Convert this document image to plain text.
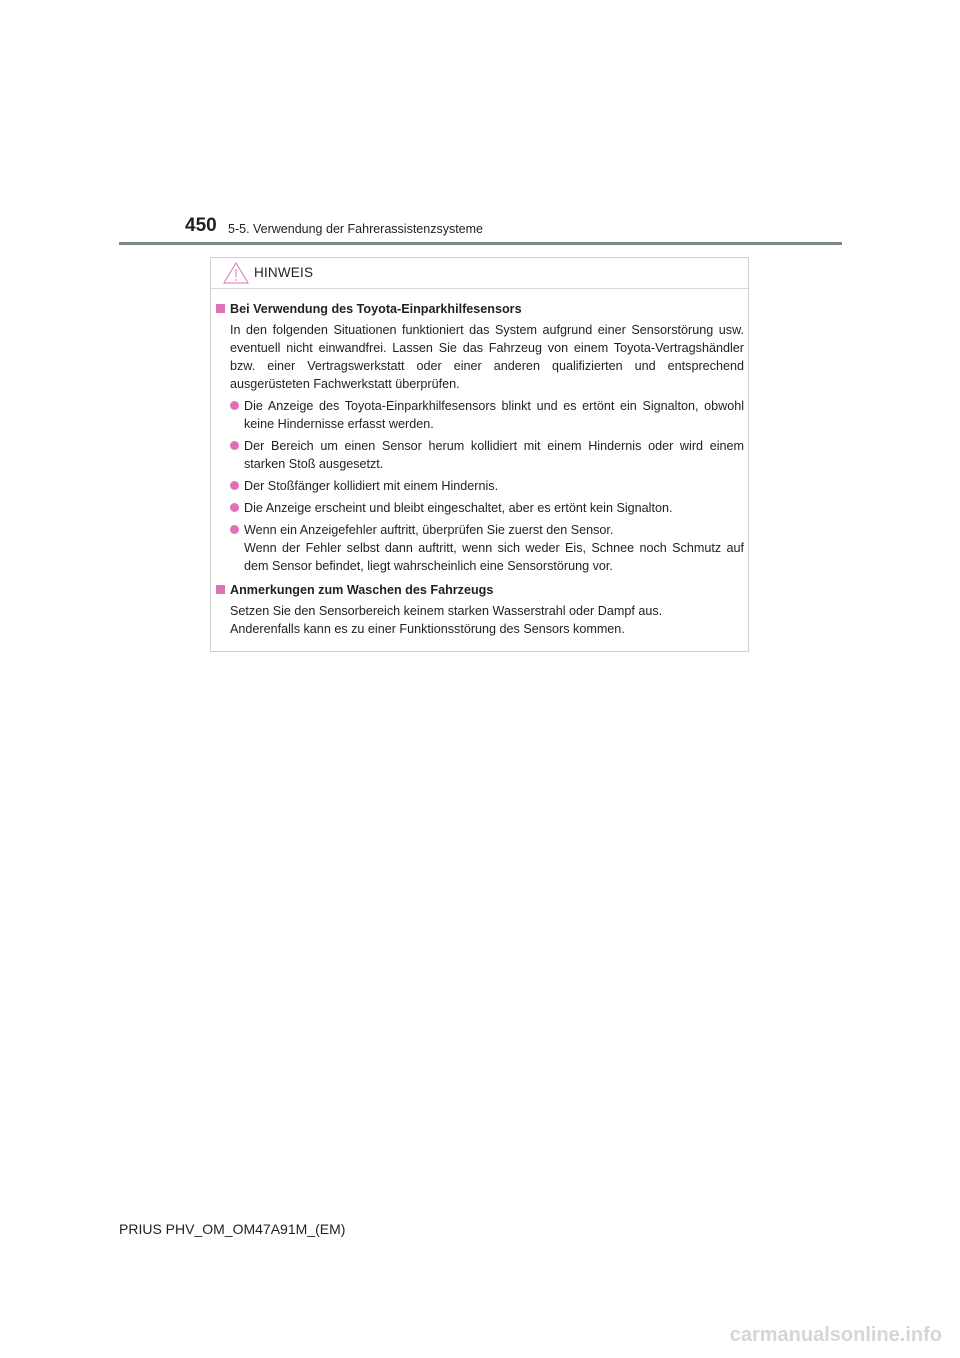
450 5-5. Verwendung der Fahrerassistenzsysteme
HINWEIS
Bei Verwendung des Toyota-Einparkhilfesensors
In den folgenden Situationen funktioniert das System aufgrund einer Sensorstörung usw. eventuell nicht einwandfrei. Lassen Sie das Fahrzeug von einem Toyota-Vertragshändler bzw. einer Vertragswerkstatt oder einer anderen qualifizierten und entsprechend ausgerüsteten Fachwerkstatt überprüfen.
Die Anzeige des Toyota-Einparkhilfesensors blinkt und es ertönt ein Signalton, obwohl keine Hindernisse erfasst werden.
Der Bereich um einen Sensor herum kollidiert mit einem Hindernis oder wird einem starken Stoß ausgesetzt.
Der Stoßfänger kollidiert mit einem Hindernis.
Die Anzeige erscheint und bleibt eingeschaltet, aber es ertönt kein Signalton.
Wenn ein Anzeigefehler auftritt, überprüfen Sie zuerst den Sensor.
Wenn der Fehler selbst dann auftritt, wenn sich weder Eis, Schnee noch Schmutz auf dem Sensor befindet, liegt wahrscheinlich eine Sensorstörung vor.
Anmerkungen zum Waschen des Fahrzeugs
Setzen Sie den Sensorbereich keinem starken Wasserstrahl oder Dampf aus.
Anderenfalls kann es zu einer Funktionsstörung des Sensors kommen.
PRIUS PHV_OM_OM47A91M_(EM)
carmanualsonline.info
